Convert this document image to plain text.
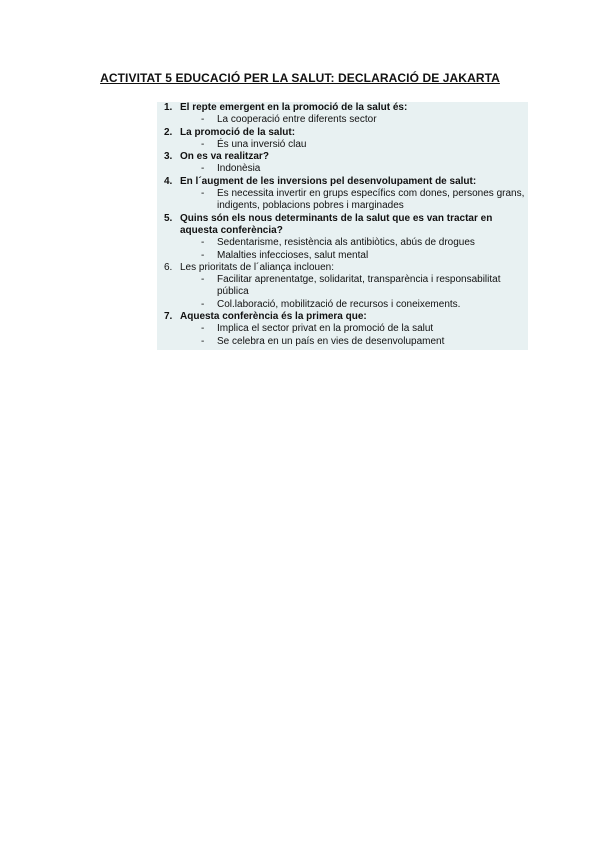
ACTIVITAT 5 EDUCACIÓ PER LA SALUT: DECLARACIÓ DE JAKARTA
1. El repte emergent en la promoció de la salut és:
- La cooperació entre diferents sector
2. La promoció de la salut:
- És una inversió clau
3. On es va realitzar?
- Indonèsia
4. En l´augment de les inversions pel desenvolupament de salut:
- Es necessita invertir en grups específics com dones, persones grans, indigents, poblacions pobres i marginades
5. Quins són els nous determinants de la salut que es van tractar en aquesta conferència?
- Sedentarisme, resistència als antibiòtics, abús de drogues
- Malalties infeccioses, salut mental
6. Les prioritats de l´aliança inclouen:
- Facilitar aprenentatge, solidaritat, transparència i responsabilitat pública
- Col.laboració, mobilització de recursos i coneixements.
7. Aquesta conferència és la primera que:
- Implica el sector privat en la promoció de la salut
- Se celebra en un país en vies de desenvolupament
